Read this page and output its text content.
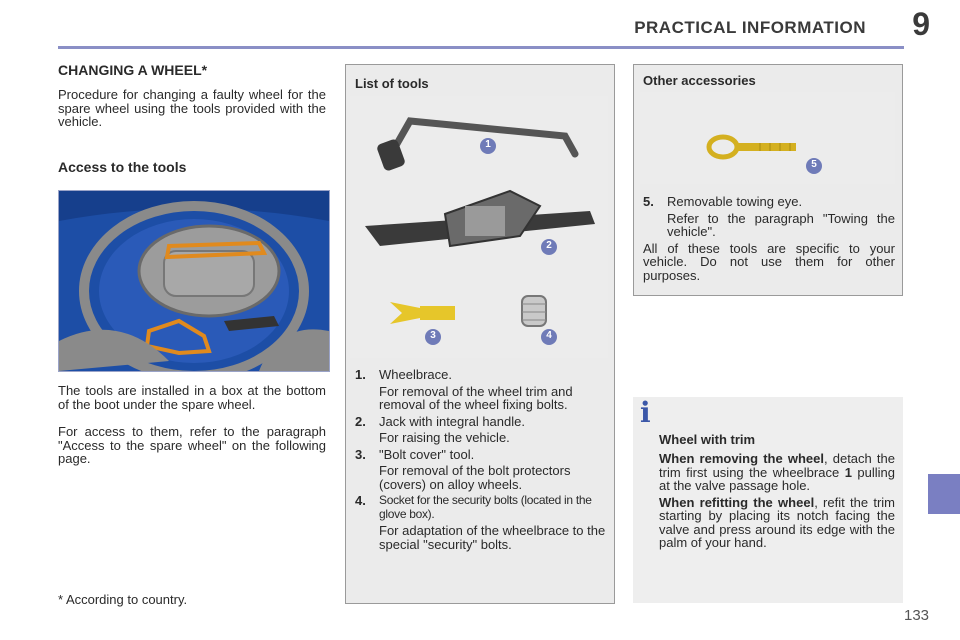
PRACTICAL INFORMATION 9
CHANGING A WHEEL*

Procedure for changing a faulty wheel for the spare wheel using the tools provided with the vehicle.

Access to the tools

The tools are installed in a box at the bottom of the boot under the spare wheel.

For access to them, refer to the paragraph "Access to the spare wheel" on the following page.

* According to country.
List of tools
1
2
3	4

1. Wheelbrace.

For removal of the wheel trim and removal of the wheel fixing bolts.

2. Jack with integral handle.

For raising the vehicle.

3. "Bolt cover" tool.

For removal of the bolt protectors (covers) on alloy wheels.

4.	Socket for the security bolts (located in the glove box).

For adaptation of the wheelbrace to the special "security" bolts.

Other accessories
5

5. Removable towing eye.

Refer to the paragraph "Towing the vehicle".

All of these tools are specific to your vehicle. Do not use them for other purposes.

i

Wheel with trim

When removing the wheel, detach the trim first using the wheelbrace 1 pulling at the valve passage hole.

When refitting the wheel, refit the trim starting by placing its notch facing the valve and press around its edge with the palm of your hand.

133
